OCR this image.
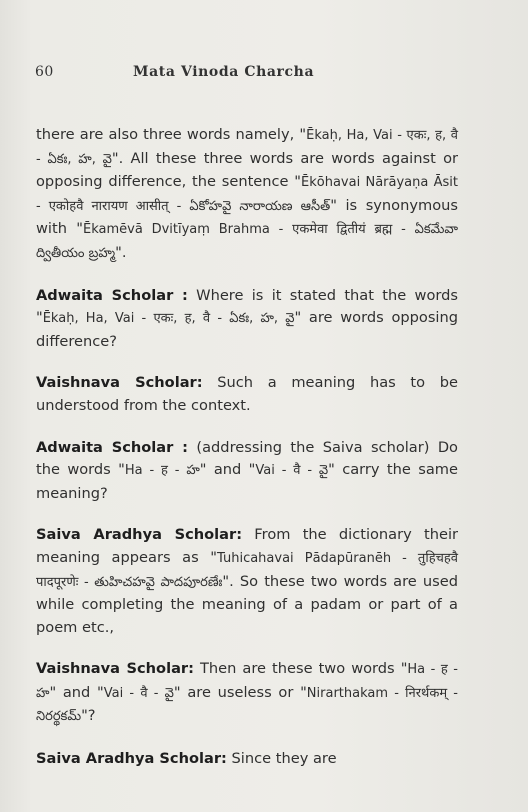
60	Mata Vinoda Charcha

there are also three words namely, "Ēkaḥ, Ha, Vai - एकः, ह, वै - ఏకః, హ, వై". All these three words are words against or opposing difference, the sentence "Ēkōhavai Nārāyaṇa Āsit - एकोहवै नारायण आसीत् - ఏకోహవై నారాయణ ఆసీత్" is synonymous with "Ēkamēvā Dvitīyaṃ Brahma - एकमेवा द्वितीयं ब्रह्म - ఏకమేవా ద్వితీయం బ్రహ్మ".

Adwaita Scholar : Where is it stated that the words "Ēkaḥ, Ha, Vai - एकः, ह, वै - ఏకః, హ, వై" are words opposing difference?

Vaishnava Scholar: Such a meaning has to be understood from the context.

Adwaita Scholar : (addressing the Saiva scholar) Do the words "Ha - ह - హ" and "Vai - वै - వై" carry the same meaning?

Saiva Aradhya Scholar: From the dictionary their meaning appears as "Tuhicahavai Pādapūranēh - तुहिचहवै पादपूरणेः - తుహిచహవై పాదపూరణేః". So these two words are used while completing the meaning of a padam or part of a poem etc.,

Vaishnava Scholar: Then are these two words "Ha - ह - హ" and "Vai - वै - వై" are useless or "Nirarthakam - निरर्थकम् - నిరర్థకమ్"?

Saiva Aradhya Scholar: Since they are
